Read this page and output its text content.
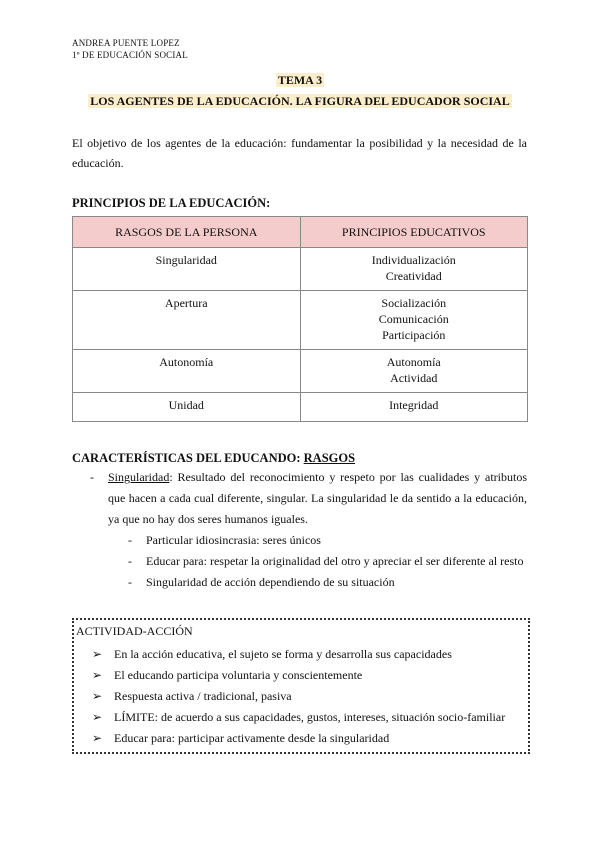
ANDREA PUENTE LOPEZ
1º DE EDUCACIÓN SOCIAL
TEMA 3
LOS AGENTES DE LA EDUCACIÓN. LA FIGURA DEL EDUCADOR SOCIAL
El objetivo de los agentes de la educación: fundamentar la posibilidad y la necesidad de la educación.
PRINCIPIOS DE LA EDUCACIÓN:
RASGOS DE LA PERSONA	PRINCIPIOS EDUCATIVOS
Singularidad	Individualización
Creatividad

Apertura	Socialización
Comunicación
Participación

Autonomía	Autonomía
Actividad

Unidad	Integridad
CARACTERÍSTICAS DEL EDUCANDO: RASGOS
- Singularidad: Resultado del reconocimiento y respeto por las cualidades y atributos que hacen a cada cual diferente, singular. La singularidad le da sentido a la educación, ya que no hay dos seres humanos iguales.
- Particular idiosincrasia: seres únicos
- Educar para: respetar la originalidad del otro y apreciar el ser diferente al resto
- Singularidad de acción dependiendo de su situación
ACTIVIDAD-ACCIÓN
➢ En la acción educativa, el sujeto se forma y desarrolla sus capacidades
➢ El educando participa voluntaria y conscientemente
➢ Respuesta activa / tradicional, pasiva
➢ LÍMITE: de acuerdo a sus capacidades, gustos, intereses, situación socio-familiar
➢ Educar para: participar activamente desde la singularidad
